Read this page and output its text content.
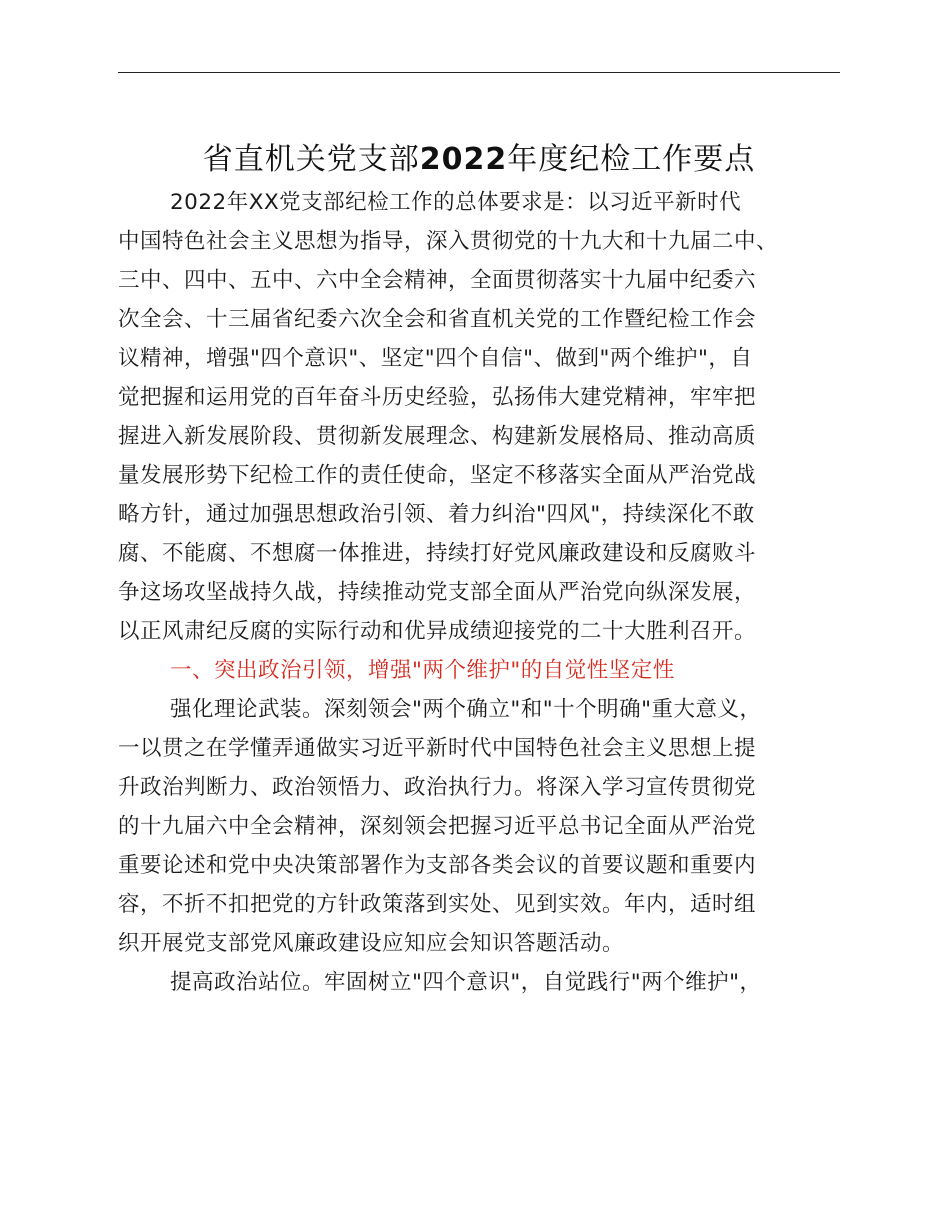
省直机关党支部2022年度纪检工作要点
2022年XX党支部纪检工作的总体要求是：以习近平新时代
中国特色社会主义思想为指导，深入贯彻党的十九大和十九届二中、
三中、四中、五中、六中全会精神，全面贯彻落实十九届中纪委六
次全会、十三届省纪委六次全会和省直机关党的工作暨纪检工作会
议精神，增强"四个意识"、坚定"四个自信"、做到"两个维护"，自
觉把握和运用党的百年奋斗历史经验，弘扬伟大建党精神，牢牢把
握进入新发展阶段、贯彻新发展理念、构建新发展格局、推动高质
量发展形势下纪检工作的责任使命，坚定不移落实全面从严治党战
略方针，通过加强思想政治引领、着力纠治"四风"，持续深化不敢
腐、不能腐、不想腐一体推进，持续打好党风廉政建设和反腐败斗
争这场攻坚战持久战，持续推动党支部全面从严治党向纵深发展，
以正风肃纪反腐的实际行动和优异成绩迎接党的二十大胜利召开。
一、突出政治引领，增强"两个维护"的自觉性坚定性
强化理论武装。深刻领会"两个确立"和"十个明确"重大意义，
一以贯之在学懂弄通做实习近平新时代中国特色社会主义思想上提
升政治判断力、政治领悟力、政治执行力。将深入学习宣传贯彻党
的十九届六中全会精神，深刻领会把握习近平总书记全面从严治党
重要论述和党中央决策部署作为支部各类会议的首要议题和重要内
容，不折不扣把党的方针政策落到实处、见到实效。年内，适时组
织开展党支部党风廉政建设应知应会知识答题活动。
提高政治站位。牢固树立"四个意识"，自觉践行"两个维护"，
